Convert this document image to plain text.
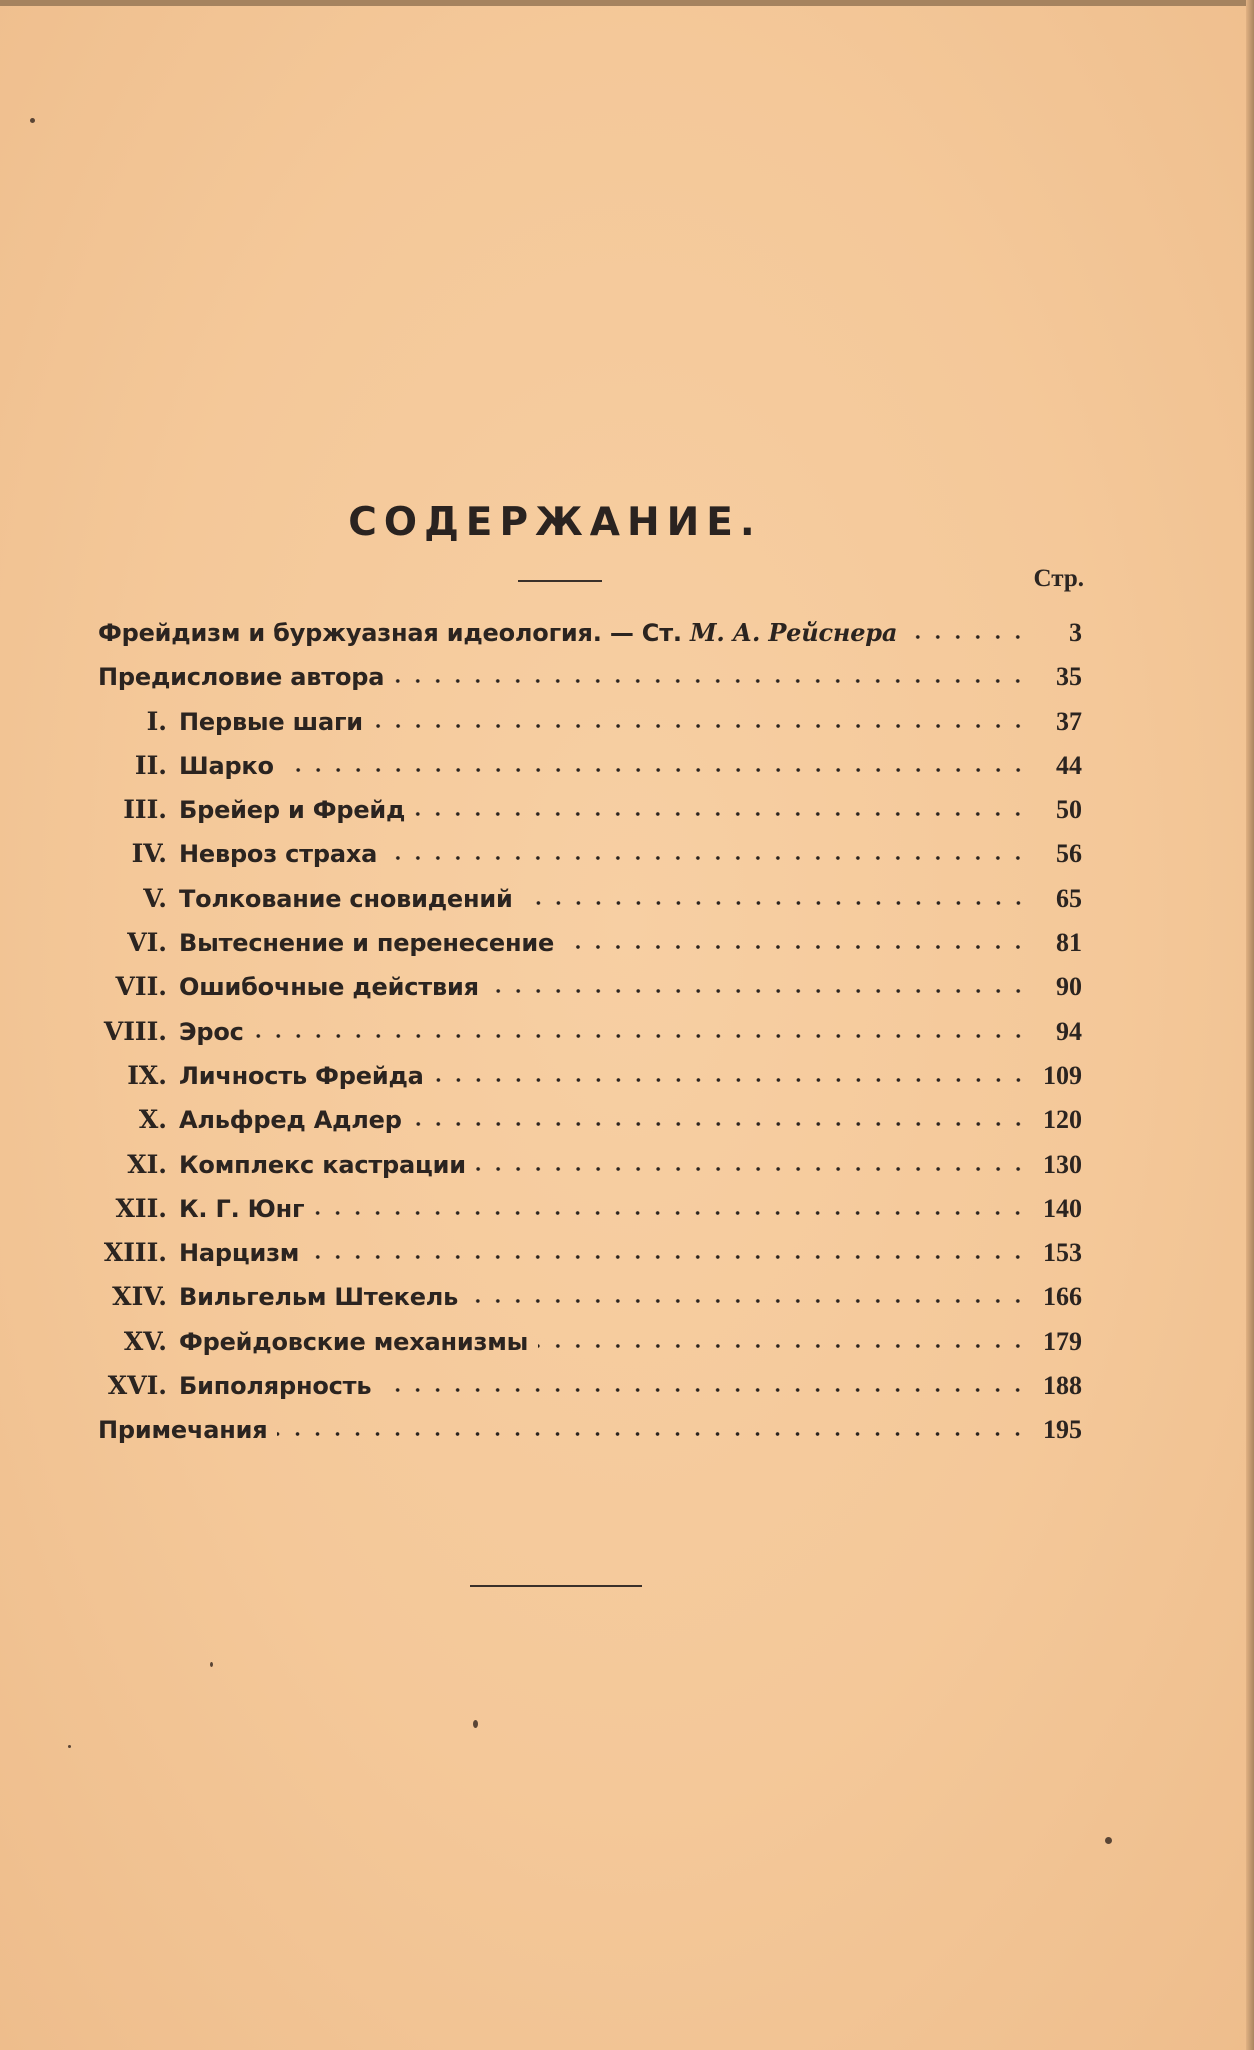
СОДЕРЖАНИЕ.
Стр.
Фрейдизм и буржуазная идеология. — Ст. М. А. Рейснера	3
Предисловие автора	35
I. Первые шаги	37
II. Шарко	44
III. Брейер и Фрейд	50
IV. Невроз страха	56
V. Толкование сновидений	65
VI. Вытеснение и перенесение	81
VII. Ошибочные действия	90
VIII. Эрос	94
IX. Личность Фрейда	109
X. Альфред Адлер	120
XI. Комплекс кастрации	130
XII. К. Г. Юнг	140
XIII. Нарцизм	153
XIV. Вильгельм Штекель	166
XV. Фрейдовские механизмы	179
XVI. Биполярность	188
Примечания	195
